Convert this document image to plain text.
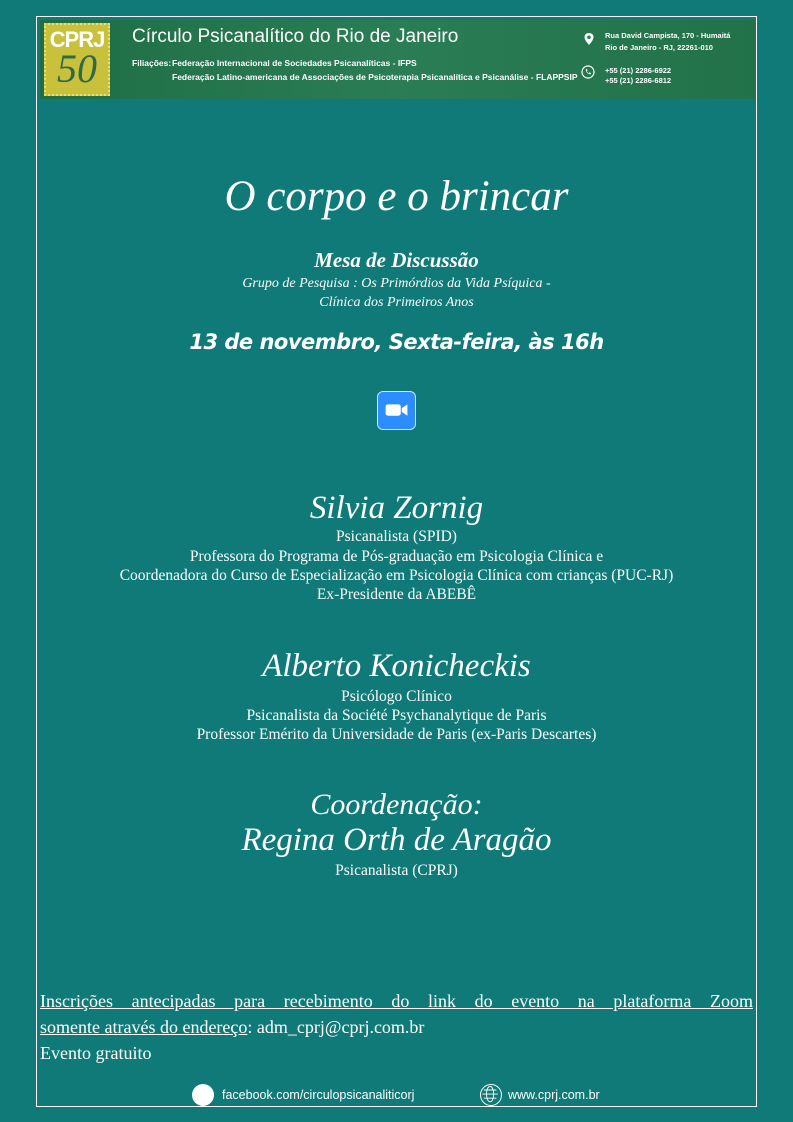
CPRJ
50
Círculo Psicanalítico do Rio de Janeiro
Filiações: Federação Internacional de Sociedades Psicanalíticas - IFPS
Federação Latino-americana de Associações de Psicoterapia Psicanalítica e Psicanálise - FLAPPSIP
Rua David Campista, 170 - Humaitá
Rio de Janeiro - RJ, 22261-010
+55 (21) 2286-6922
+55 (21) 2286-6812
O corpo e o brincar
Mesa de Discussão
Grupo de Pesquisa : Os Primórdios da Vida Psíquica -
Clínica dos Primeiros Anos
13 de novembro, Sexta-feira, às 16h
Silvia Zornig
Psicanalista (SPID)
Professora do Programa de Pós-graduação em Psicologia Clínica e
Coordenadora do Curso de Especialização em Psicologia Clínica com crianças (PUC-RJ)
Ex-Presidente da ABEBÊ
Alberto Konicheckis
Psicólogo Clínico
Psicanalista da Société Psychanalytique de Paris
Professor Emérito da Universidade de Paris (ex-Paris Descartes)
Coordenação:
Regina Orth de Aragão
Psicanalista (CPRJ)
Inscrições antecipadas para recebimento do link do evento na plataforma Zoom
somente através do endereço: adm_cprj@cprj.com.br
Evento gratuito
facebook.com/circulopsicanaliticorj	www.cprj.com.br
